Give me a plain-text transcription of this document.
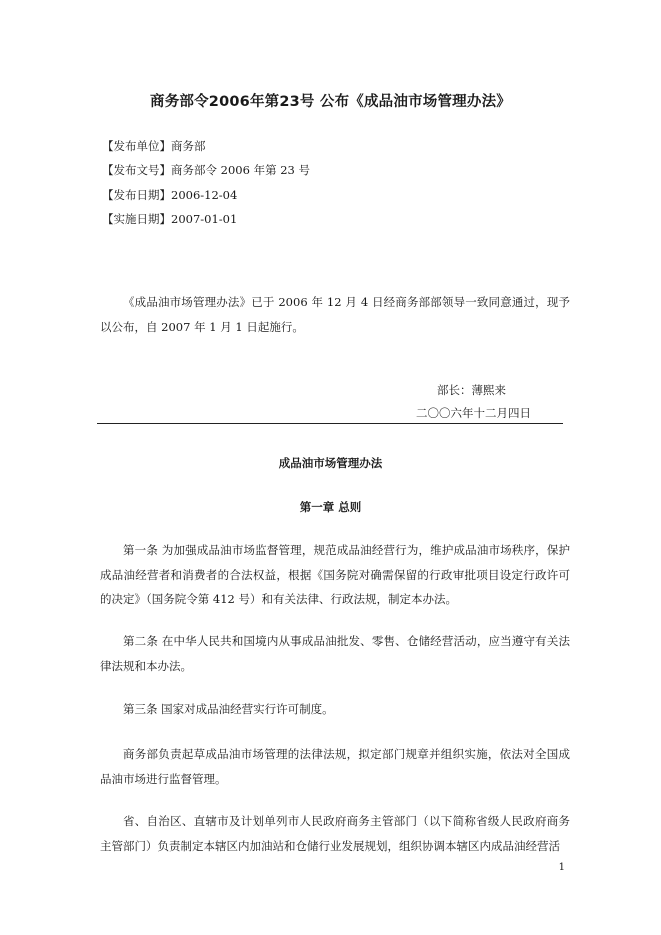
商务部令2006年第23号 公布《成品油市场管理办法》
【发布单位】商务部
【发布文号】商务部令 2006 年第 23 号
【发布日期】2006-12-04
【实施日期】2007-01-01

《成品油市场管理办法》已于 2006 年 12 月 4 日经商务部部领导一致同意通过，现予以公布，自 2007 年 1 月 1 日起施行。

部长：薄熙来
二〇〇六年十二月四日
成品油市场管理办法
第一章 总则

第一条 为加强成品油市场监督管理，规范成品油经营行为，维护成品油市场秩序，保护成品油经营者和消费者的合法权益，根据《国务院对确需保留的行政审批项目设定行政许可的决定》（国务院令第 412 号）和有关法律、行政法规，制定本办法。

第二条 在中华人民共和国境内从事成品油批发、零售、仓储经营活动，应当遵守有关法律法规和本办法。

第三条 国家对成品油经营实行许可制度。

商务部负责起草成品油市场管理的法律法规，拟定部门规章并组织实施，依法对全国成品油市场进行监督管理。

省、自治区、直辖市及计划单列市人民政府商务主管部门（以下简称省级人民政府商务主管部门）负责制定本辖区内加油站和仓储行业发展规划，组织协调本辖区内成品油经营活

1
